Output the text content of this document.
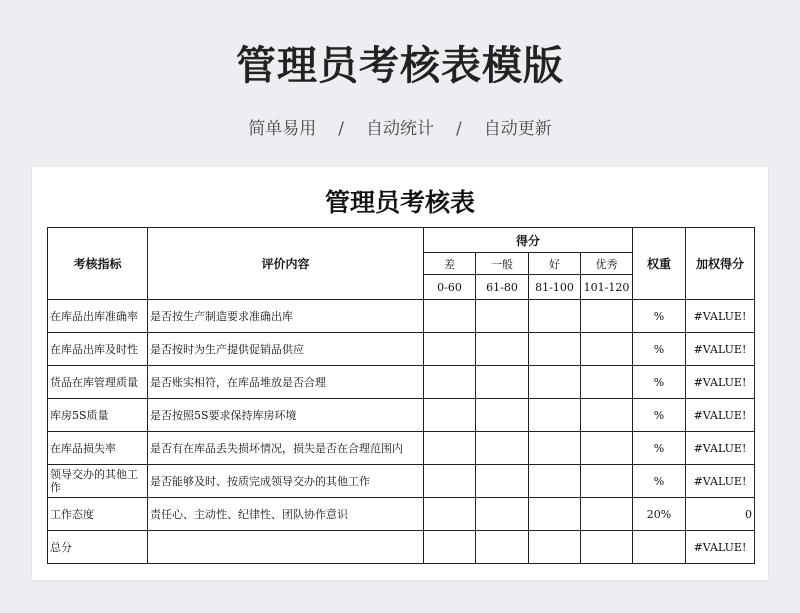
管理员考核表模版
简单易用 / 自动统计 / 自动更新
管理员考核表
考核指标	评价内容	得分				权重	加权得分
		差	一般	好	优秀		
		0-60	61-80	81-100	101-120		
在库品出库准确率	是否按生产制造要求准确出库					%	#VALUE!
在库品出库及时性	是否按时为生产提供促销品供应					%	#VALUE!
货品在库管理质量	是否账实相符，在库品堆放是否合理					%	#VALUE!
库房5S质量	是否按照5S要求保持库房环境					%	#VALUE!
在库品损失率	是否有在库品丢失损坏情况，损失是否在合理范围内					%	#VALUE!
领导交办的其他工作	是否能够及时、按质完成领导交办的其他工作					%	#VALUE!
工作态度	责任心、主动性、纪律性、团队协作意识					20%	0
总分							#VALUE!
